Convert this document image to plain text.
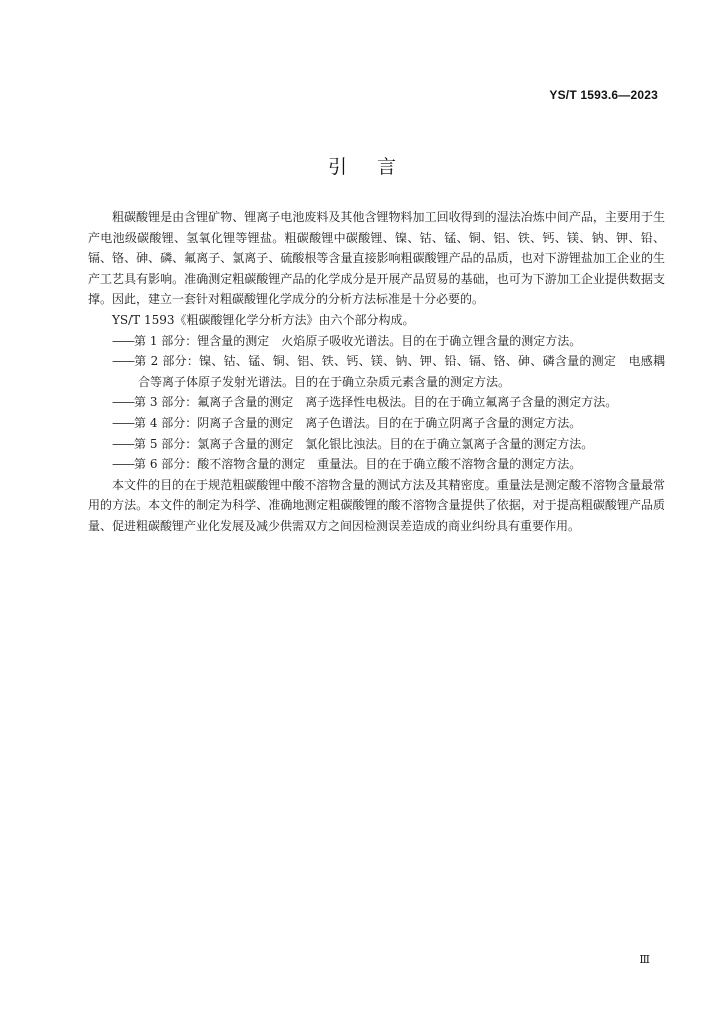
YS/T 1593.6—2023
引言

粗碳酸锂是由含锂矿物、锂离子电池废料及其他含锂物料加工回收得到的湿法冶炼中间产品，主要用于生产电池级碳酸锂、氢氧化锂等锂盐。粗碳酸锂中碳酸锂、镍、钴、锰、铜、铝、铁、钙、镁、钠、钾、铅、镉、铬、砷、磷、氟离子、氯离子、硫酸根等含量直接影响粗碳酸锂产品的品质，也对下游锂盐加工企业的生产工艺具有影响。准确测定粗碳酸锂产品的化学成分是开展产品贸易的基础，也可为下游加工企业提供数据支撑。因此，建立一套针对粗碳酸锂化学成分的分析方法标准是十分必要的。

YS/T 1593《粗碳酸锂化学分析方法》由六个部分构成。

——第 1 部分：锂含量的测定　火焰原子吸收光谱法。目的在于确立锂含量的测定方法。
——第 2 部分：镍、钴、锰、铜、铝、铁、钙、镁、钠、钾、铅、镉、铬、砷、磷含量的测定　电感耦合等离子体原子发射光谱法。目的在于确立杂质元素含量的测定方法。
——第 3 部分：氟离子含量的测定　离子选择性电极法。目的在于确立氟离子含量的测定方法。
——第 4 部分：阴离子含量的测定　离子色谱法。目的在于确立阴离子含量的测定方法。
——第 5 部分：氯离子含量的测定　氯化银比浊法。目的在于确立氯离子含量的测定方法。
——第 6 部分：酸不溶物含量的测定　重量法。目的在于确立酸不溶物含量的测定方法。

本文件的目的在于规范粗碳酸锂中酸不溶物含量的测试方法及其精密度。重量法是测定酸不溶物含量最常用的方法。本文件的制定为科学、准确地测定粗碳酸锂的酸不溶物含量提供了依据，对于提高粗碳酸锂产品质量、促进粗碳酸锂产业化发展及减少供需双方之间因检测误差造成的商业纠纷具有重要作用。

Ⅲ
